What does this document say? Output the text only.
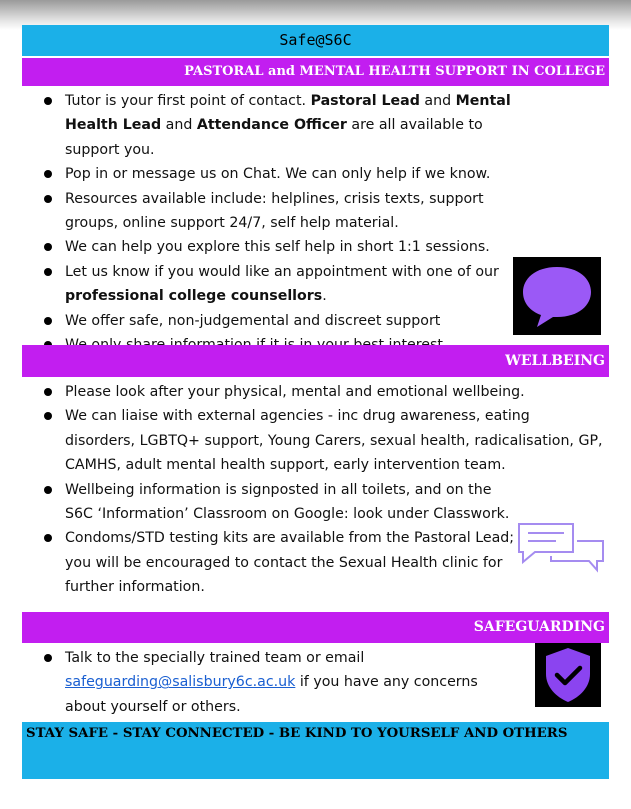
Safe@S6C
PASTORAL and MENTAL HEALTH SUPPORT IN COLLEGE
Tutor is your first point of contact. Pastoral Lead and Mental Health Lead and Attendance Officer are all available to support you.
Pop in or message us on Chat. We can only help if we know.
Resources available include: helplines, crisis texts, support groups, online support 24/7, self help material.
We can help you explore this self help in short 1:1 sessions.
Let us know if you would like an appointment with one of our professional college counsellors.
We offer safe, non-judgemental and discreet support
WELLBEING
Please look after your physical, mental and emotional wellbeing.
We can liaise with external agencies - inc drug awareness, eating disorders, LGBTQ+ support, Young Carers, sexual health, radicalisation, GP, CAMHS, adult mental health support, early intervention team.
Wellbeing information is signposted in all toilets, and on the S6C ‘Information’ Classroom on Google: look under Classwork.
Condoms/STD testing kits are available from the Pastoral Lead; you will be encouraged to contact the Sexual Health clinic for further information.
SAFEGUARDING
Talk to the specially trained team or email safeguarding@salisbury6c.ac.uk if you have any concerns about yourself or others.
STAY SAFE - STAY CONNECTED - BE KIND TO YOURSELF AND OTHERS
